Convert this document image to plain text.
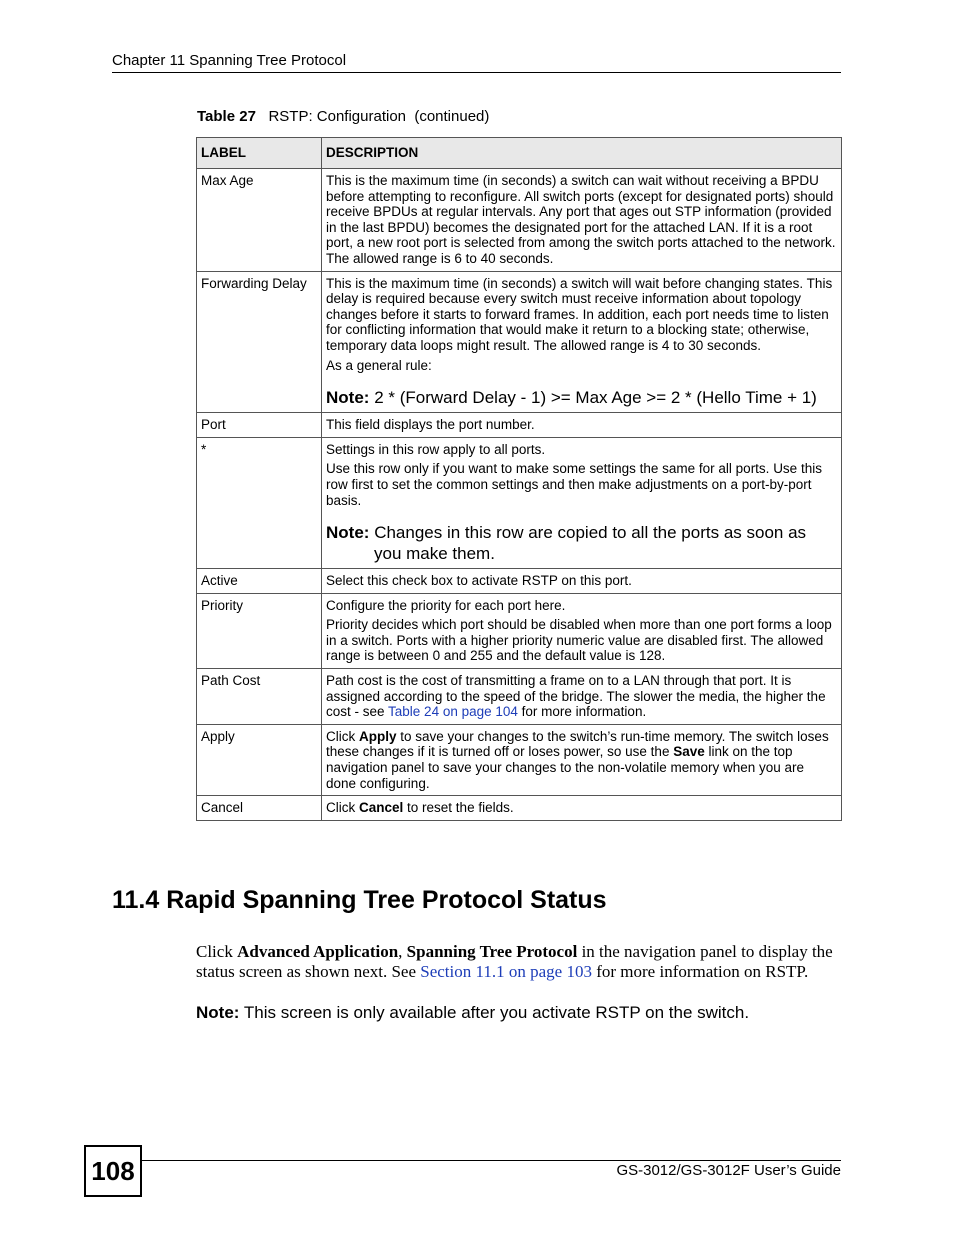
Chapter 11 Spanning Tree Protocol
Table 27 RSTP: Configuration  (continued)
LABEL	DESCRIPTION
Max Age	This is the maximum time (in seconds) a switch can wait without receiving a BPDU before attempting to reconfigure. All switch ports (except for designated ports) should receive BPDUs at regular intervals. Any port that ages out STP information (provided in the last BPDU) becomes the designated port for the attached LAN. If it is a root port, a new root port is selected from among the switch ports attached to the network. The allowed range is 6 to 40 seconds.
Forwarding Delay	This is the maximum time (in seconds) a switch will wait before changing states. This delay is required because every switch must receive information about topology changes before it starts to forward frames. In addition, each port needs time to listen for conflicting information that would make it return to a blocking state; otherwise, temporary data loops might result. The allowed range is 4 to 30 seconds.

As a general rule:

Note: 2 * (Forward Delay - 1) >= Max Age >= 2 * (Hello Time + 1)

Port	This field displays the port number.
*	Settings in this row apply to all ports.

Use this row only if you want to make some settings the same for all ports. Use this row first to set the common settings and then make adjustments on a port-by-port basis.

Note: Changes in this row are copied to all the ports as soon as you make them.

Active	Select this check box to activate RSTP on this port.
Priority	Configure the priority for each port here.

Priority decides which port should be disabled when more than one port forms a loop in a switch. Ports with a higher priority numeric value are disabled first. The allowed range is between 0 and 255 and the default value is 128.

Path Cost	Path cost is the cost of transmitting a frame on to a LAN through that port. It is assigned according to the speed of the bridge. The slower the media, the higher the cost - see Table 24 on page 104 for more information.
Apply	Click Apply to save your changes to the switch’s run-time memory. The switch loses these changes if it is turned off or loses power, so use the Save link on the top navigation panel to save your changes to the non-volatile memory when you are done configuring.
Cancel	Click Cancel to reset the fields.
11.4 Rapid Spanning Tree Protocol Status
Click Advanced Application, Spanning Tree Protocol in the navigation panel to display the status screen as shown next. See Section 11.1 on page 103 for more information on RSTP.
Note: This screen is only available after you activate RSTP on the switch.
108	GS-3012/GS-3012F User’s Guide
